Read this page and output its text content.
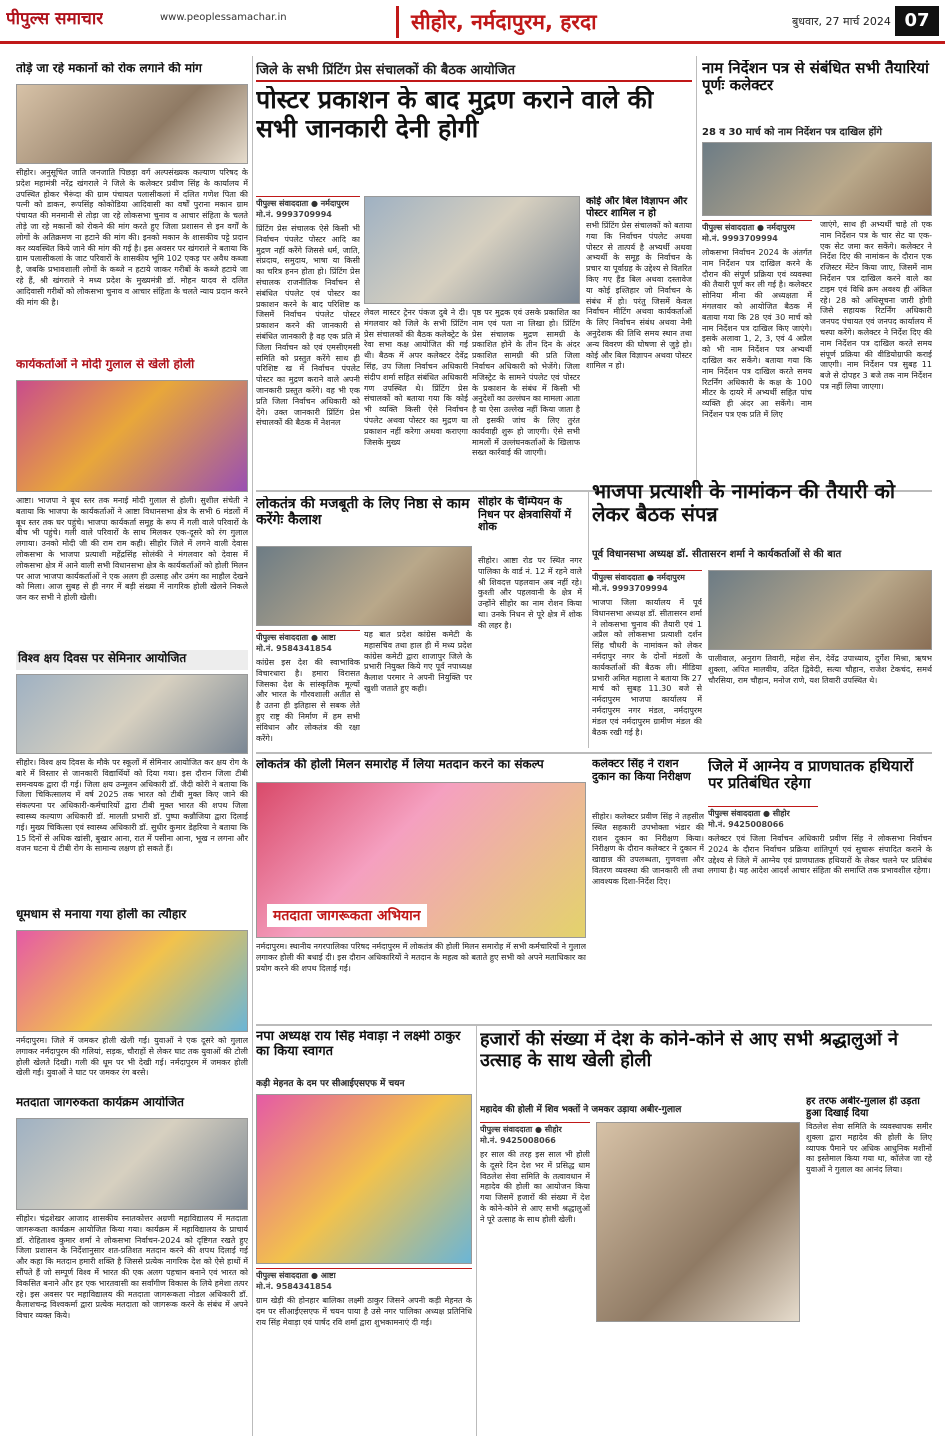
पीपुल्स समाचार	www.peoplessamachar.in	सीहोर, नर्मदापुरम, हरदा	बुधवार, 27 मार्च 2024 07
तोड़े जा रहे मकानों को रोक लगाने की मांग
सीहोर। अनुसूचित जाति जनजाति पिछड़ा वर्ग अल्पसंख्यक कल्याण परिषद के प्रदेश महामंत्री नरेंद्र खंगराले ने जिले के कलेक्टर प्रवीण सिंह के कार्यालय में उपस्थित होकर भैरूंदा की ग्राम पंचायत पलासीकलां में दलित गणेश पिता की पत्नी को डाकन, रूपसिंह कोकोडिया आदिवासी का वर्षों पुराना मकान ग्राम पंचायत की मनमानी से तोड़ा जा रहे लोकसभा चुनाव व आचार संहिता के चलते तोड़े जा रहे मकानों को रोकने की मांग करते हुए जिला प्रशासन से इन वर्गों के लोगों के अतिक्रमण ना हटाने की मांग की। इनको मकान के शासकीय पट्टे प्रदान कर व्यवस्थित किये जाने की मांग की गई है। इस अवसर पर खंगराले ने बताया कि ग्राम पलासीकलां के जाट परिवारों के शासकीय भूमि 102 एकड़ पर अवैध कब्जा है, जबकि प्रभावशाली लोगों के कब्जे न हटाये जाकर गरीबों के कब्जे हटाये जा रहे हैं, श्री खंगराले ने मध्य प्रदेश के मुख्यमंत्री डॉ. मोहन यादव से दलित आदिवासी गरीबों को लोकसभा चुनाव व आचार संहिता के चलते न्याय प्रदान करने की मांग की है।
कार्यकर्ताओं ने मोदी गुलाल से खेली होली
आष्टा। भाजपा ने बूथ स्तर तक मनाई मोदी गुलाल से होली। सुशील संचेती ने बताया कि भाजपा के कार्यकर्ताओं ने आष्टा विधानसभा क्षेत्र के सभी 6 मंडलों में बूथ स्तर तक घर पहुंचे। भाजपा कार्यकर्ता समूह के रूप में गली वाले परिवारों के बीच भी पहुंचे। गली वाले परिवारों के साथ मिलकर एक-दूसरे को रंग गुलाल लगाया। उनको मोदी जी की राम राम कही। सीहोर जिले में लगने वाली देवास लोकसभा के भाजपा प्रत्याशी महेंद्रसिंह सोलंकी ने मंगलवार को देवास में लोकसभा क्षेत्र में आने वाली सभी विधानसभा क्षेत्र के कार्यकर्ताओं को होली मिलन पर आज भाजपा कार्यकर्ताओं ने एक अलग ही उत्साह और उमंग का माहौल देखने को मिला। आज सुबह से ही नगर में बड़ी संख्या में नागरिक होली खेलने निकले जन कर सभी ने होली खेली।
विश्व क्षय दिवस पर सेमिनार आयोजित
सीहोर। विश्व क्षय दिवस के मौके पर स्कूलों में सेमिनार आयोजित कर क्षय रोग के बारे में विस्तार से जानकारी विद्यार्थियों को दिया गया। इस दौरान जिला टीबी समन्वयक द्वारा दी गई। जिला क्षय उन्मूलन अधिकारी डॉ. जैदी कोरी ने बताया कि जिला चिकित्सालय में वर्ष 2025 तक भारत को टीबी मुक्त किए जाने की संकल्पना पर अधिकारी-कर्मचारियों द्वारा टीबी मुक्त भारत की शपथ जिला स्वास्थ्य कल्याण अधिकारी डॉ. मालती प्रभारी डॉ. पुष्पा कन्नौजिया द्वारा दिलाई गई। मुख्य चिकित्सा एवं स्वास्थ्य अधिकारी डॉ. सुधीर कुमार डेहरिया ने बताया कि 15 दिनों से अधिक खांसी, बुखार आना, रात में पसीना आना, भूख न लगना और वजन घटना ये टीबी रोग के सामान्य लक्षण हो सकते हैं।
धूमधाम से मनाया गया होली का त्यौहार
नर्मदापुरम। जिले में जमकर होली खेली गई। युवाओं ने एक दूसरे को गुलाल लगाकर नर्मदापुरम की गलियां, सड़क, चौराहों से लेकर घाट तक युवाओं की टोली होली खेलते दिखी। गली की धूम पर भी देखी गई। नर्मदापुरम में जमकर होली खेली गई। युवाओं ने घाट पर जमकर रंग बरसे।
मतदाता जागरुकता कार्यक्रम आयोजित
सीहोर। चंद्रशेखर आजाद शासकीय स्नातकोत्तर अग्रणी महाविद्यालय में मतदाता जागरूकता कार्यक्रम आयोजित किया गया। कार्यक्रम में महाविद्यालय के प्राचार्य डॉ. रोहिताश्व कुमार शर्मा ने लोकसभा निर्वाचन-2024 को दृष्टिगत रखते हुए जिला प्रशासन के निर्देशानुसार शत-प्रतिशत मतदान करने की शपथ दिलाई गई और कहा कि मतदान हमारी शक्ति है जिससे प्रत्येक नागरिक देश को ऐसे हाथों में सौंपते हैं जो सम्पूर्ण विश्व में भारत की एक अलग पहचान बनाने एवं भारत को विकसित बनाने और हर एक भारतवासी का सर्वांगीण विकास के लिये हमेशा तत्पर रहे। इस अवसर पर महाविद्यालय की मतदाता जागरूकता नोडल अधिकारी डॉ. कैलाशचन्द्र विश्वकर्मा द्वारा प्रत्येक मतदाता को जागरूक करने के संबंध में अपने विचार व्यक्त किये।
जिले के सभी प्रिंटिंग प्रेस संचालकों की बैठक आयोजित
पोस्टर प्रकाशन के बाद मुद्रण कराने वाले की सभी जानकारी देनी होगी
पीपुल्स संवाददाता ● नर्मदापुरम
मो.नं. 9993709994
प्रिंटिंग प्रेस संचालक ऐसे किसी भी निर्वाचन पंपलेट पोस्टर आदि का मुद्रण नहीं करेंगे जिससे धर्म, जाति, संप्रदाय, समुदाय, भाषा या किसी का चरित्र हनन होता हो। प्रिंटिंग प्रेस संचालक राजनीतिक निर्वाचन से संबंधित पंपलेट एवं पोस्टर का प्रकाशन करने के बाद परिशिष्ट क जिसमें निर्वाचन पंपलेट पोस्टर प्रकाशन करने की जानकारी से संबंधित जानकारी है वह एक प्रति में जिला निर्वाचन को एवं एमसीएमसी समिति को प्रस्तुत करेंगे साथ ही परिशिष्ट ख में निर्वाचन पंपलेट पोस्टर का मुद्रण कराने वाले अपनी जानकारी प्रस्तुत करेंगे। वह भी एक प्रति जिला निर्वाचन अधिकारी को देंगे। उक्त जानकारी प्रिंटिंग प्रेस संचालकों की बैठक में नेशनल
लेवल मास्टर ट्रेनर पंकज दुबे ने दी। मंगलवार को जिले के सभी प्रिंटिंग प्रेस संचालकों की बैठक कलेक्ट्रेट के रेवा सभा कक्ष आयोजित की गई थी। बैठक में अपर कलेक्टर देवेंद्र सिंह, उप जिला निर्वाचन अधिकारी संदीप शर्मा सहित संबंधित अधिकारी गण उपस्थित थे। प्रिंटिंग प्रेस संचालकों को बताया गया कि कोई भी व्यक्ति किसी ऐसे निर्वाचन पंपलेट अथवा पोस्टर का मुद्रण या प्रकाशन नहीं करेगा अथवा कराएगा जिसके मुख्य
पृष्ठ पर मुद्रक एवं उसके प्रकाशित का नाम एवं पता ना लिखा हो। प्रिंटिंग प्रेस संचालक मुद्रण सामग्री के प्रकाशित होने के तीन दिन के अंदर प्रकाशित सामग्री की प्रति जिला निर्वाचन अधिकारी को भेजेंगे। जिला मजिस्ट्रेट के सामने पंपलेट एवं पोस्टर के प्रकाशन के संबंध में किसी भी अनुदेशों का उल्लंघन का मामला आता है या ऐसा उल्लेख नहीं किया जाता है तो इसकी जांच के लिए तुरंत कार्यवाही शुरू हो जाएगी। ऐसे सभी मामलों में उल्लंघनकर्ताओं के खिलाफ सख्त कार्रवाई की जाएगी।
कोई और बिल विज्ञापन और पोस्टर शामिल न हो
सभी प्रिंटिंग प्रेस संचालकों को बताया गया कि निर्वाचन पंपलेट अथवा पोस्टर से तात्पर्य है अभ्यर्थी अथवा अभ्यर्थी के समूह के निर्वाचन के प्रचार या पूर्वाग्रह के उद्देश्य से वितरित किए गए हैंड बिल अथवा दस्तावेज या कोई इश्तिहार जो निर्वाचन के संबंध में हो। परंतु जिसमें केवल निर्वाचन मीटिंग अथवा कार्यकर्ताओं के लिए निर्वाचन संबंध अथवा नेमी अनुदेशक की तिथि समय स्थान तथा अन्य विवरण की घोषणा से जुड़े हो। कोई और बिल विज्ञापन अथवा पोस्टर शामिल न हो।
नाम निर्देशन पत्र से संबंधित सभी तैयारियां पूर्णः कलेक्टर
28 व 30 मार्च को नाम निर्देशन पत्र दाखिल होंगे
पीपुल्स संवाददाता ● नर्मदापुरम
मो.नं. 9993709994
लोकसभा निर्वाचन 2024 के अंतर्गत नाम निर्देशन पत्र दाखिल करने के दौरान की संपूर्ण प्रक्रिया एवं व्यवस्था की तैयारी पूर्ण कर ली गई है। कलेक्टर सोनिया मीना की अध्यक्षता में मंगलवार को आयोजित बैठक में बताया गया कि 28 एवं 30 मार्च को नाम निर्देशन पत्र दाखिल किए जाएंगे। इसके अलावा 1, 2, 3, एवं 4 अप्रैल को भी नाम निर्देशन पत्र अभ्यर्थी दाखिल कर सकेंगे। बताया गया कि नाम निर्देशन पत्र दाखिल करते समय रिटर्निंग अधिकारी के कक्ष के 100 मीटर के दायरे में अभ्यर्थी सहित पांच व्यक्ति ही अंदर आ सकेंगे। नाम निर्देशन पत्र एक प्रति में लिए
जाएंगे, साथ ही अभ्यर्थी चाहे तो एक नाम निर्देशन पत्र के चार सेट या एक-एक सेट जमा कर सकेंगे। कलेक्टर ने निर्देश दिए की नामांकन के दौरान एक रजिस्टर मेंटेन किया जाए, जिसमें नाम निर्देशन पत्र दाखिल करने वाले का टाइम एवं विधि क्रम अवश्य ही अंकित रहे। 28 को अधिसूचना जारी होगी जिसे सहायक रिटर्निंग अधिकारी जनपद पंचायत एवं जनपद कार्यालय में चस्पा करेंगे। कलेक्टर ने निर्देश दिए की नाम निर्देशन पत्र दाखिल करते समय संपूर्ण प्रक्रिया की वीडियोग्राफी कराई जाएगी। नाम निर्देशन पत्र सुबह 11 बजे से दोपहर 3 बजे तक नाम निर्देशन पत्र नहीं लिया जाएगा।
लोकतंत्र की मजबूती के लिए निष्ठा से काम करेंगेः कैलाश
पीपुल्स संवाददाता ● आष्टा
मो.नं. 9584341854
कांग्रेस इस देश की स्वाभाविक विचारधारा है। हमारा विरासत जिसका देश के सांस्कृतिक मूल्यों और भारत के गौरवशाली अतीत से है उतना ही इतिहास से सबक लेते हुए राष्ट्र की निर्माण में हम सभी संविधान और लोकतंत्र की रक्षा करेंगे।
यह बात प्रदेश कांग्रेस कमेटी के महासचिव तथा हाल ही में मध्य प्रदेश कांग्रेस कमेटी द्वारा शाजापुर जिले के प्रभारी नियुक्त किये गए पूर्व नपाध्यक्ष कैलाश परमार ने अपनी नियुक्ति पर खुशी जताते हुए कही।
सीहोर के चैम्पियन के निधन पर क्षेत्रवासियों में शोक
सीहोर। आष्टा रोड पर स्थित नगर पालिका के वार्ड नं. 12 में रहने वाले श्री शिवदत्त पहलवान अब नहीं रहे। कुश्ती और पहलवानी के क्षेत्र में उन्होंने सीहोर का नाम रोशन किया था। उनके निधन से पूरे क्षेत्र में शोक की लहर है।
भाजपा प्रत्याशी के नामांकन की तैयारी को लेकर बैठक संपन्न
पूर्व विधानसभा अध्यक्ष डॉ. सीतासरन शर्मा ने कार्यकर्ताओं से की बात
पीपुल्स संवाददाता ● नर्मदापुरम
मो.नं. 9993709994
भाजपा जिला कार्यालय में पूर्व विधानसभा अध्यक्ष डॉ. सीतासरन शर्मा ने लोकसभा चुनाव की तैयारी एवं 1 अप्रैल को लोकसभा प्रत्याशी दर्शन सिंह चौधरी के नामांकन को लेकर नर्मदापुर नगर के दोनों मंडलों के कार्यकर्ताओं की बैठक ली। मीडिया प्रभारी अमित महाला ने बताया कि 27 मार्च को सुबह 11.30 बजे से नर्मदापुरम भाजपा कार्यालय में नर्मदापुरम नगर मंडल, नर्मदापुरम मंडल एवं नर्मदापुरम ग्रामीण मंडल की बैठक रखी गई है।
पालीवाल, अनुराग तिवारी, महेश सेन, देवेंद्र उपाध्याय, दुर्गेश मिश्रा, ऋषभ शुक्ला, अपित मालवीय, उदित द्विवेदी, सत्या चौहान, राजेश टेकचंद, समर्थ चौरसिया, राम चौहान, मनोज राणे, यश तिवारी उपस्थित थे।
लोकतंत्र की होली मिलन समारोह में लिया मतदान करने का संकल्प
मतदाता जागरूकता अभियान
नर्मदापुरम। स्थानीय नगरपालिका परिषद नर्मदापुरम में लोकतंत्र की होली मिलन समारोह में सभी कर्मचारियों ने गुलाल लगाकर होली की बधाई दी। इस दौरान अधिकारियों ने मतदान के महत्व को बताते हुए सभी को अपने मताधिकार का प्रयोग करने की शपथ दिलाई गई।
कलेक्टर सिंह ने राशन दुकान का किया निरीक्षण
सीहोर। कलेक्टर प्रवीण सिंह ने तहसील स्थित सहकारी उपभोक्ता भंडार की राशन दुकान का निरीक्षण किया। निरीक्षण के दौरान कलेक्टर ने दुकान में खाद्यान्न की उपलब्धता, गुणवत्ता और वितरण व्यवस्था की जानकारी ली तथा आवश्यक दिशा-निर्देश दिए।
जिले में आग्नेय व प्राणघातक हथियारों पर प्रतिबंधित रहेगा
पीपुल्स संवाददाता ● सीहोर
मो.नं. 9425008066
कलेक्टर एवं जिला निर्वाचन अधिकारी प्रवीण सिंह ने लोकसभा निर्वाचन 2024 के दौरान निर्वाचन प्रक्रिया शांतिपूर्ण एवं सुचारू संपादित कराने के उद्देश्य से जिले में आग्नेय एवं प्राणघातक हथियारों के लेकर चलने पर प्रतिबंध लगाया है। यह आदेश आदर्श आचार संहिता की समाप्ति तक प्रभावशील रहेगा।
नपा अध्यक्ष राय सिंह मेवाड़ा ने लक्ष्मी ठाकुर का किया स्वागत
कड़ी मेहनत के दम पर सीआईएसएफ में चयन
पीपुल्स संवाददाता ● आष्टा
मो.नं. 9584341854
ग्राम खेड़ी की होनहार बालिका लक्ष्मी ठाकुर जिसने अपनी कड़ी मेहनत के दम पर सीआईएसएफ में चयन पाया है उसे नगर पालिका अध्यक्ष प्रतिनिधि राय सिंह मेवाड़ा एवं पार्षद रवि शर्मा द्वारा शुभकामनाएं दी गई।
हजारों की संख्या में देश के कोने-कोने से आए सभी श्रद्धालुओं ने उत्साह के साथ खेली होली
महादेव की होली में शिव भक्तों ने जमकर उड़ाया अबीर-गुलाल
पीपुल्स संवाददाता ● सीहोर
मो.नं. 9425008066
हर साल की तरह इस साल भी होली के दूसरे दिन देश भर में प्रसिद्ध धाम विठलेश सेवा समिति के तत्वावधान में महादेव की होली का आयोजन किया गया जिसमें हजारों की संख्या में देश के कोने-कोने से आए सभी श्रद्धालुओं ने पूरे उत्साह के साथ होली खेली।
हर तरफ अबीर-गुलाल ही उड़ता हुआ दिखाई दिया
विठलेश सेवा समिति के व्यवस्थापक समीर शुक्ला द्वारा महादेव की होली के लिए व्यापक पैमाने पर अधिक आधुनिक मशीनों का इस्तेमाल किया गया था, कॉलेज जा रहे युवाओं ने गुलाल का आनंद लिया।
